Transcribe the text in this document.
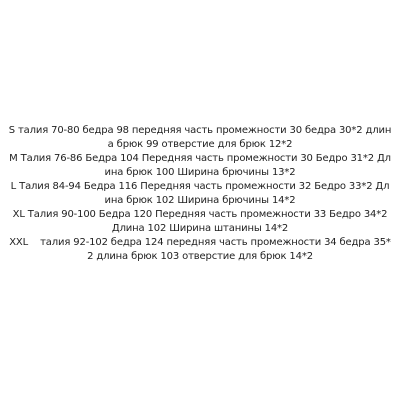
S талия 70-80 бедра 98 передняя часть промежности 30 бедра 30*2 длина брюк 99 отверстие для брюк 12*2

M Талия 76-86 Бедра 104 Передняя часть промежности 30 Бедро 31*2 Длина брюк 100 Ширина брючины 13*2

L Талия 84-94 Бедра 116 Передняя часть промежности 32 Бедро 33*2 Длина брюк 102 Ширина брючины 14*2

XL Талия 90-100 Бедра 120 Передняя часть промежности 33 Бедро 34*2 Длина 102 Ширина штанины 14*2

XXL    талия 92-102 бедра 124 передняя часть промежности 34 бедра 35*2 длина брюк 103 отверстие для брюк 14*2
